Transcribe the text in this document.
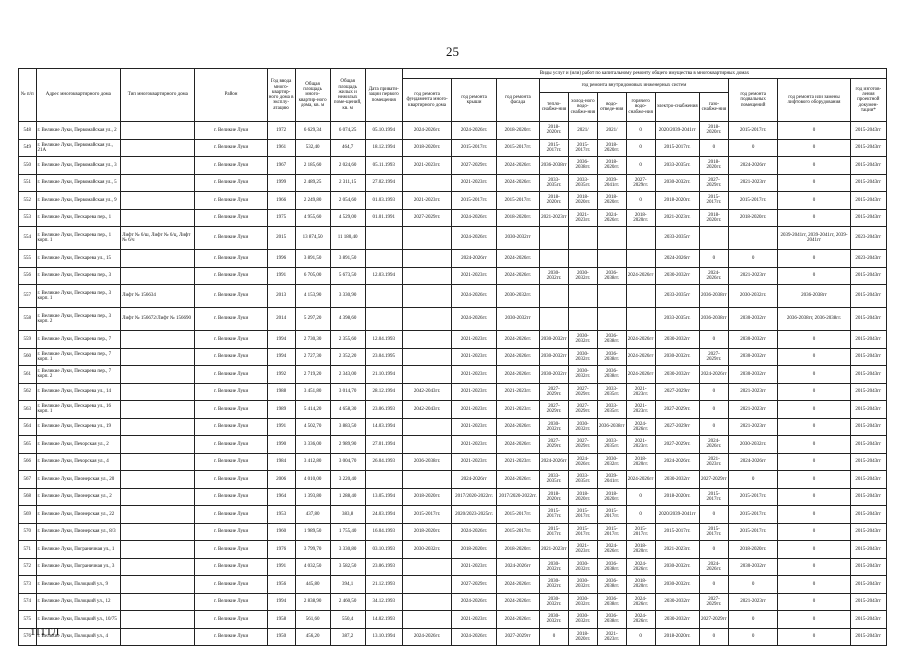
25
№ п/п	Адрес многоквартирного дома	Тип многоквартирного дома	Район	Год ввода много-квартир-ного дома в эксплу-атацию	Общая площадь много-квартир-ного дома, кв. м	Общая площадь жилых и нежилых поме-щений, кв. м	Дата привати-зации первого помещения	Виды услуг и (или) работ по капитальному ремонту общего имущества в многоквартирных домах											
								год ремонта фундамента много-квартирного дома	год ремонта крыши	год ремонта фасада	год ремонта внутридомовых инженерных систем						год ремонта подвальных помещений	год ремонта или замены лифтового оборудования	год изготов-ления проектной докумен-тации*
											тепло-снабже-ния	холод-ного водо-снабже-ния	водо-отведе-ния	горячего водо-снабже-ния	электро-снабжения	газо-снабже-ния			
548	г. Великие Луки, Первомайская ул., 2		г. Великие Луки	1972	6 629,34	6 074,25	05.10.1994	2024-2026гг.	2024-2026гг.	2018-2020гг.	2018-2020гг.	2021/	2021/	0	2020/2039-2041гг	2018-2020гг.	2015-2017гг.	0	2015-2043гг
549	г. Великие Луки, Первомайская ул., 21А		г. Великие Луки	1961	532,40	464,7	18.12.1994	2018-2020гг.	2015-2017гг.	2015-2017гг.	2015-2017гг.	2015-2017гг.	2018-2020гг.	0	2015-2017гг.	0	0	0	2015-2043гг
550	г. Великие Луки, Первомайская ул., 3		г. Великие Луки	1967	2 185,60	2 024,60	05.11.1993	2021-2023гг.	2027-2029гг.	2024-2026гг.	2036-2038гг	2036-2038гг.	2018-2020гг.	0	2033-2035гг.	2018-2020гг.	2024-2026гг	0	2015-2043гг
551	г. Великие Луки, Первомайская ул., 5		г. Великие Луки	1999	2 489,25	2 311,15	27.02.1994		2021-2023гг.	2024-2026гг.	2033-2035гг.	2033-2035гг.	2039-2041гг.	2027-2029гг.	2030-2032гг.	2027-2029гг.	2021-2023гг	0	2015-2043гг
552	г. Великие Луки, Первомайская ул., 9		г. Великие Луки	1966	2 249,80	2 054,60	01.03.1993	2021-2023гг.	2015-2017гг.	2015-2017гг.	2018-2020гг.	2018-2020гг.	2018-2020гг.	0	2018-2020гг.	2015-2017гг.	2015-2017гг.	0	2015-2043гг
553	г. Великие Луки, Пескарева пер., 1		г. Великие Луки	1975	4 955,60	4 529,00	01.01.1991	2027-2029гг.	2024-2026гг.	2018-2020гг.	2021-2023гг	2021-2023гг.	2024-2026гг.	2018-2020гг.	2021-2023гг.	2018-2020гг.	2018-2020гг.	0	2015-2043гг
554	г. Великие Луки, Пескарева пер., 1 корп. 1	Лифт № 6/ш, Лифт № 6/ц, Лифт № 6/ч	г. Великие Луки	2015	13 874,50	11 180,40			2024-2026гг.	2030-2032гг					2033-2035гг			2039-2041гг, 2039-2041гг, 2039-2041гг	2023-2043гг
555	г. Великие Луки, Пескарева ул., 15		г. Великие Луки	1996	3 891,50	3 891,50			2024-2026гг	2024-2026гг.					2024-2026гг	0	0	0	2023-2043гг
556	г. Великие Луки, Пескарева пер., 3		г. Великие Луки	1991	6 705,00	5 673,50	12.03.1994		2021-2023гг.	2024-2026гг.	2030-2032гг.	2030-2032гг.	2036-2038гг.	2024-2026гг	2030-2032гг	2024-2026гг.	2021-2023гг	0	2015-2043гг
557	г. Великие Луки, Пескарева пер., 3 корп. 1	Лифт № 156634	г. Великие Луки	2013	4 153,90	3 330,90			2024-2026гг.	2030-2032гг.					2033-2035гг	2036-2038гг	2030-2032гг.	2036-2038гг	2015-2043гг
558	г. Великие Луки, Пескарева пер., 3 корп. 2	Лифт № 156672/Лифт № 156690	г. Великие Луки	2014	5 297,20	4 398,60			2024-2026гг.	2030-2032гг					2033-2035гг.	2036-2038гг	2030-2032гг	2036-2038гг, 2036-2038гг.	2015-2043гг
559	г. Великие Луки, Пескарева пер., 7		г. Великие Луки	1994	2 730,30	2 355,60	12.04.1993		2021-2023гг.	2024-2026гг.	2030-2032гг	2030-2032гг.	2036-2038гг.	2024-2026гг	2030-2032гг	0	2030-2032гг	0	2015-2043гг
560	г. Великие Луки, Пескарева пер., 7 корп. 1		г. Великие Луки	1994	2 727,30	2 352,20	23.04.1995		2021-2023гг.	2024-2026гг.	2030-2032гг	2030-2032гг.	2036-2038гг.	2024-2026гг	2030-2032гг.	2027-2029гг.	2030-2032гг	0	2015-2043гг
561	г. Великие Луки, Пескарева пер., 7 корп. 2		г. Великие Луки	1992	2 719,20	2 343,00	21.10.1994		2021-2023гг.	2024-2026гг.	2030-2032гг	2030-2032гг.	2036-2038гг.	2024-2026гг	2030-2032гг	2024-2026гг	2030-2032гг	0	2015-2043гг
562	г. Великие Луки, Пескарева ул., 14		г. Великие Луки	1988	3 451,80	3 014,70	28.12.1994	2042-2043гг.	2021-2023гг.	2021-2023гг.	2027-2029гг.	2027-2029гг.	2033-2035гг.	2021-2023гг.	2027-2029гг	0	2021-2023гг	0	2015-2043гг
563	г. Великие Луки, Пескарева ул., 16 корп. 1		г. Великие Луки	1989	5 414,20	4 658,30	23.06.1993	2042-2043гг.	2021-2023гг.	2021-2023гг.	2027-2029гг.	2027-2029гг.	2033-2035гг.	2021-2023гг.	2027-2029гг.	0	2021-2023гг	0	2015-2043гг
564	г. Великие Луки, Пескарева ул., 19		г. Великие Луки	1991	4 502,70	3 883,50	14.03.1994		2021-2023гг.	2024-2026гг.	2030-2032гг.	2030-2032гг.	2036-2038гг	2024-2026гг.	2027-2029гг	0	2021-2023гг	0	2015-2043гг
565	г. Великие Луки, Печорская ул., 2		г. Великие Луки	1990	3 336,00	2 989,90	27.01.1994		2021-2023гг.	2024-2026гг.	2027-2029гг.	2027-2029гг.	2033-2035гг.	2021-2023гг.	2027-2029гг.	2024-2026гг.	2030-2032гг.	0	2015-2043гг
566	г. Великие Луки, Печорская ул., 4		г. Великие Луки	1984	3 412,80	3 004,70	26.04.1993	2036-2038гг.	2021-2023гг.	2021-2023гг.	2024-2026гг	2024-2026гг.	2030-2032гг.	2018-2020гг.	2024-2026гг.	2021-2023гг.	2024-2026гг	0	2015-2043гг
567	г. Великие Луки, Пионерская ул., 20		г. Великие Луки	2006	4 010,00	3 220,40			2024-2026гг	2024-2026гг.	2033-2035гг.	2033-2035гг.	2039-2041гг.	2024-2026гг	2030-2032гг	2027-2029гг	0	0	2015-2043гг
568	г. Великие Луки, Пионерская ул., 2		г. Великие Луки	1964	1 393,80	1 288,40	13.05.1994	2018-2020гг.	2017/2020-2022гг.	2017/2020-2022гг.	2018-2020гг.	2018-2020гг.	2018-2020гг.	0	2018-2020гг.	2015-2017гг.	2015-2017гг.	0	2015-2043гг
569	г. Великие Луки, Пионерская ул., 22		г. Великие Луки	1953	437,80	383,8	24.03.1994	2015-2017гг.	2020/2023-2025гг.	2015-2017гг.	2015-2017гг.	2015-2017гг.	2015-2017гг.	0	2020/2039-2041гг	0	2015-2017гг.	0	2015-2043гг
570	г. Великие Луки, Пионерская ул., 8/3		г. Великие Луки	1960	1 989,50	1 755,40	16.04.1993	2018-2020гг.	2024-2026гг.	2015-2017гг.	2015-2017гг.	2015-2017гг.	2015-2017гг.	2015-2017гг.	2015-2017гг.	2015-2017гг.	2015-2017гг.	0	2015-2043гг
571	г. Великие Луки, Пограничная ул., 1		г. Великие Луки	1976	3 799,70	3 330,80	03.10.1993	2030-2032гг.	2018-2020гг.	2018-2020гг.	2021-2023гг	2021-2023гг.	2024-2026гг.	2018-2020гг.	2021-2023гг.	0	2018-2020гг.	0	2015-2043гг
572	г. Великие Луки, Пограничная ул., 3		г. Великие Луки	1991	4 032,50	3 582,50	23.06.1993		2021-2023гг.	2024-2026гг	2030-2032гг.	2030-2032гг.	2036-2038гг.	2024-2026гг.	2030-2032гг.	2024-2026гг.	2030-2032гг	0	2015-2043гг
573	г. Великие Луки, Полоцкий ул., 9		г. Великие Луки	1956	445,80	394,1	21.12.1993		2027-2029гг.	2024-2026гг.	2030-2032гг.	2030-2032гг.	2036-2038гг.	2018-2020гг.	2030-2032гг.	0	0	0	2015-2043гг
574	г. Великие Луки, Полоцкий ул., 12		г. Великие Луки	1994	2 838,90	2 460,50	34.12.1993		2024-2026гг.	2024-2026гг.	2030-2032гг.	2030-2032гг.	2036-2038гг.	2024-2026гг.	2030-2032гг	2027-2029гг.	2021-2023гг	0	2015-2043гг
575	г. Великие Луки, Полоцкий ул., 10/75		г. Великие Луки	1958	561,60	550,4	14.02.1993		2021-2023гг.	2024-2026гг.	2030-2032гг.	2030-2032гг.	2036-2038гг.	2024-2026гг.	2030-2032гг	2027-2029гг	0	0	2015-2043гг
576	г. Великие Луки, Полоцкий ул., 4		г. Великие Луки	1950	456,20	387,2	13.10.1994	2024-2026гг.	2024-2026гг.	2027-2029гг	0	2018-2020гг.	2021-2023гг.	0	2018-2020гг.	0	0	0	2015-2043гг
111ТЛ
